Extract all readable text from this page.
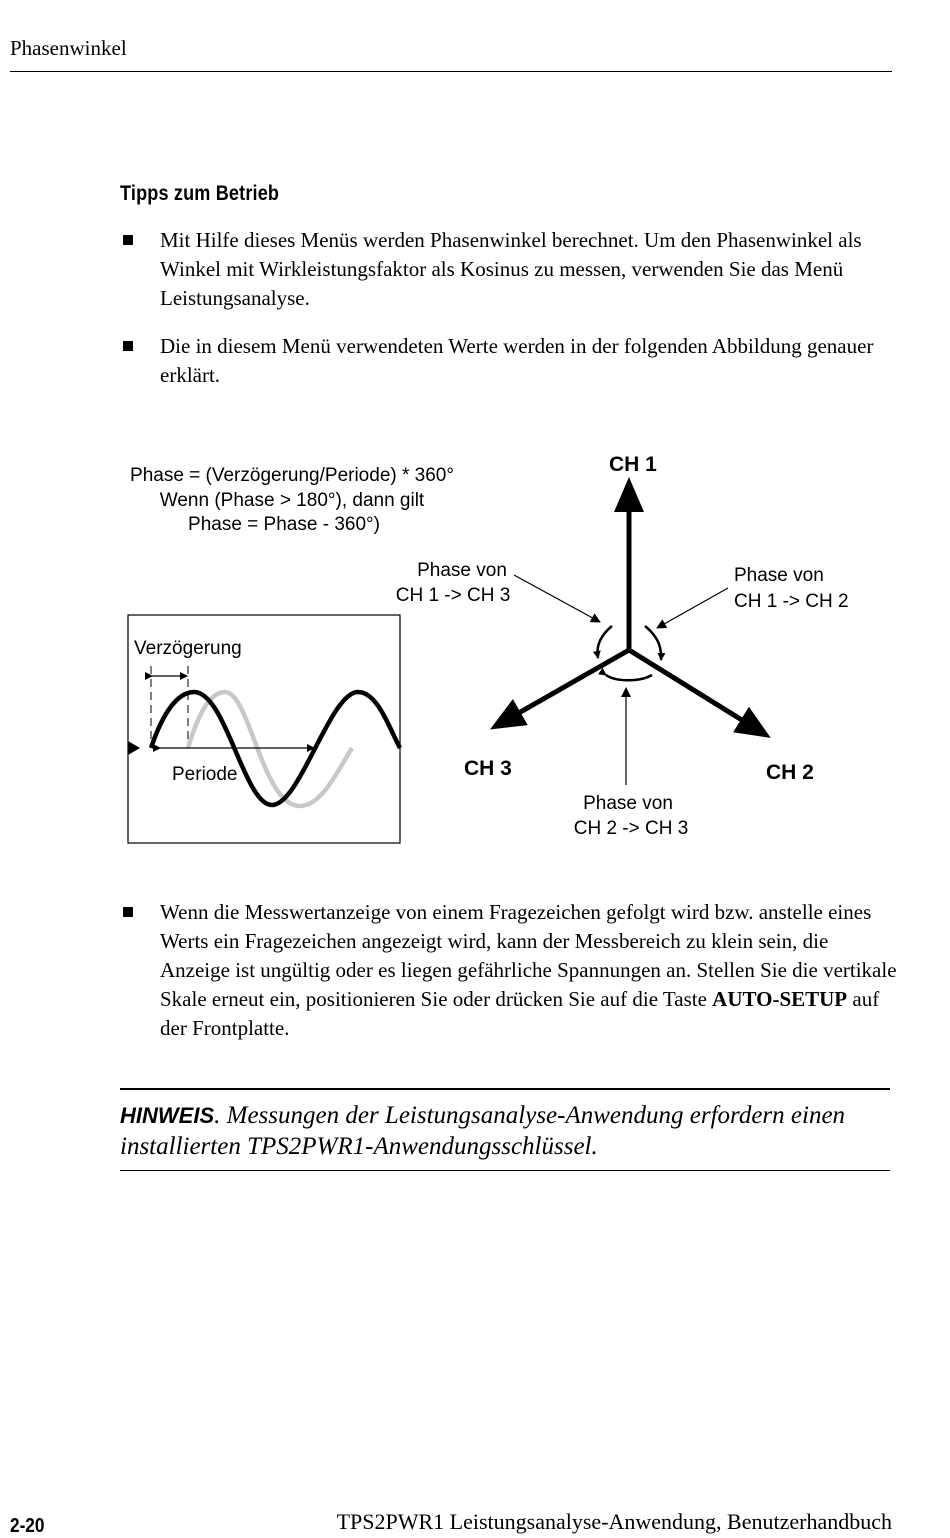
Phasenwinkel
Tipps zum Betrieb
Mit Hilfe dieses Menüs werden Phasenwinkel berechnet. Um den Phasenwinkel als Winkel mit Wirkleistungsfaktor als Kosinus zu messen, verwenden Sie das Menü Leistungsanalyse.
Die in diesem Menü verwendeten Werte werden in der folgenden Abbildung genauer erklärt.
Phase = (Verzögerung/Periode) * 360°
Wenn (Phase > 180°), dann gilt
Phase = Phase - 360°)
Verzögerung
Periode
CH 1
CH 2
CH 3
Phase von
CH 1 -> CH 3
Phase von
CH 1 -> CH 2
Phase von
CH 2 -> CH 3
Wenn die Messwertanzeige von einem Fragezeichen gefolgt wird bzw. anstelle eines Werts ein Fragezeichen angezeigt wird, kann der Messbereich zu klein sein, die Anzeige ist ungültig oder es liegen gefährliche Spannungen an. Stellen Sie die vertikale Skale erneut ein, positionieren Sie oder drücken Sie auf die Taste AUTO-SETUP auf der Frontplatte.
HINWEIS. Messungen der Leistungsanalyse-Anwendung erfordern einen installierten TPS2PWR1-Anwendungsschlüssel.
2-20	TPS2PWR1 Leistungsanalyse-Anwendung, Benutzerhandbuch
